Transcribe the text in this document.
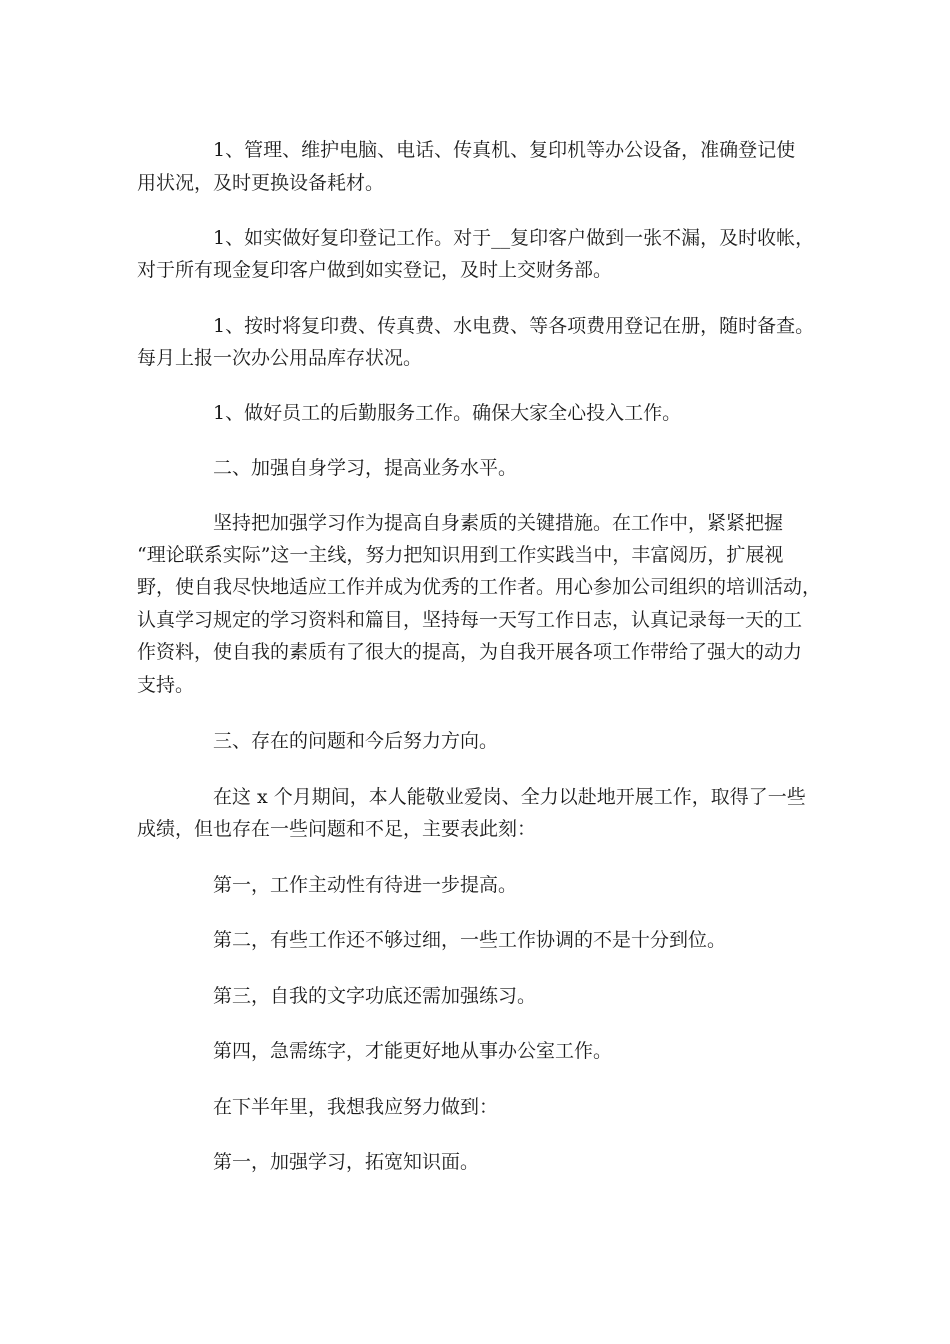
1、管理、维护电脑、电话、传真机、复印机等办公设备，准确登记使
用状况，及时更换设备耗材。
1、如实做好复印登记工作。对于__复印客户做到一张不漏，及时收帐，
对于所有现金复印客户做到如实登记，及时上交财务部。
1、按时将复印费、传真费、水电费、等各项费用登记在册，随时备查。
每月上报一次办公用品库存状况。
1、做好员工的后勤服务工作。确保大家全心投入工作。
二、加强自身学习，提高业务水平。
坚持把加强学习作为提高自身素质的关键措施。在工作中，紧紧把握
“理论联系实际”这一主线，努力把知识用到工作实践当中，丰富阅历，扩展视
野，使自我尽快地适应工作并成为优秀的工作者。用心参加公司组织的培训活动，
认真学习规定的学习资料和篇目，坚持每一天写工作日志，认真记录每一天的工
作资料，使自我的素质有了很大的提高，为自我开展各项工作带给了强大的动力
支持。
三、存在的问题和今后努力方向。
在这 x 个月期间，本人能敬业爱岗、全力以赴地开展工作，取得了一些
成绩，但也存在一些问题和不足，主要表此刻：
第一，工作主动性有待进一步提高。
第二，有些工作还不够过细，一些工作协调的不是十分到位。
第三，自我的文字功底还需加强练习。
第四，急需练字，才能更好地从事办公室工作。
在下半年里，我想我应努力做到：
第一，加强学习，拓宽知识面。
